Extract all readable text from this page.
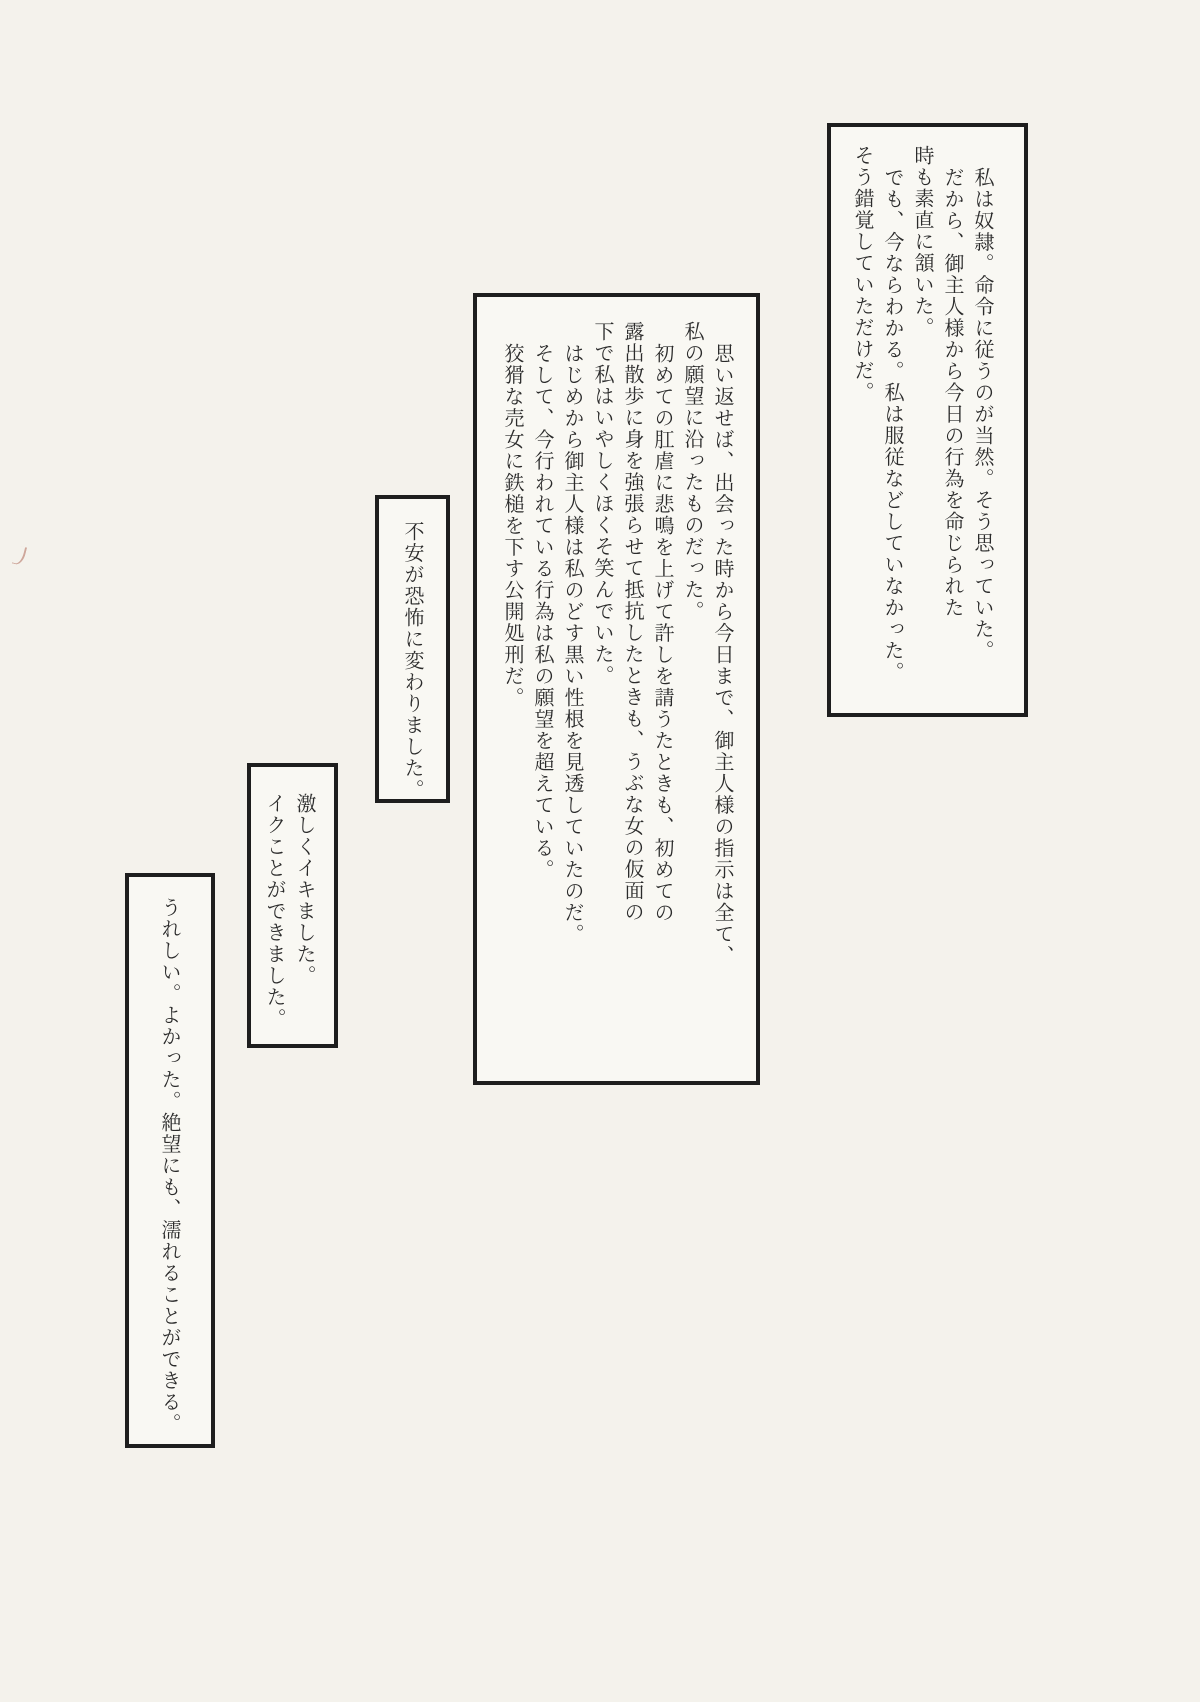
私は奴隷。命令に従うのが当然。そう思っていた。

だから、御主人様から今日の行為を命じられた

時も素直に頷いた。

でも、今ならわかる。私は服従などしていなかった。

そう錯覚していただけだ。

思い返せば、出会った時から今日まで、御主人様の指示は全て、

私の願望に沿ったものだった。

初めての肛虐に悲鳴を上げて許しを請うたときも、初めての

露出散歩に身を強張らせて抵抗したときも、うぶな女の仮面の

下で私はいやしくほくそ笑んでいた。

はじめから御主人様は私のどす黒い性根を見透していたのだ。

そして、今行われている行為は私の願望を超えている。

狡猾な売女に鉄槌を下す公開処刑だ。

不安が恐怖に変わりました。

激しくイキました。

イクことができました。

うれしい。よかった。絶望にも、濡れることができる。
